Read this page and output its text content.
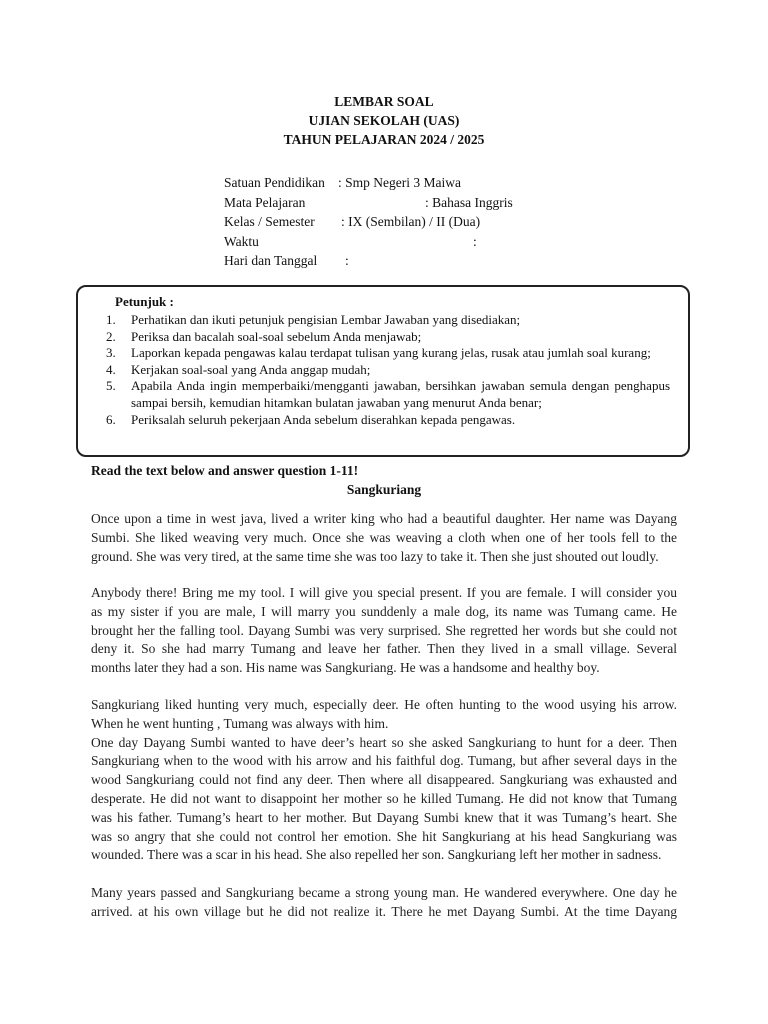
LEMBAR SOAL
UJIAN SEKOLAH (UAS)
TAHUN PELAJARAN 2024 / 2025
Satuan Pendidikan : Smp Negeri 3 Maiwa
Mata Pelajaran	: Bahasa Inggris
Kelas / Semester : IX (Sembilan) / II (Dua)
Waktu	:
Hari dan Tanggal :
Petunjuk :
1. Perhatikan dan ikuti petunjuk pengisian Lembar Jawaban yang disediakan;
2. Periksa dan bacalah soal-soal sebelum Anda menjawab;
3. Laporkan kepada pengawas kalau terdapat tulisan yang kurang jelas, rusak atau jumlah soal kurang;
4. Kerjakan soal-soal yang Anda anggap mudah;
5. Apabila Anda ingin memperbaiki/mengganti jawaban, bersihkan jawaban semula dengan penghapus sampai bersih, kemudian hitamkan bulatan jawaban yang menurut Anda benar;
6. Periksalah seluruh pekerjaan Anda sebelum diserahkan kepada pengawas.
Read the text below and answer question 1-11!
Sangkuriang
Once upon a time in west java, lived a writer king who had a beautiful daughter. Her name was Dayang
Sumbi. She liked weaving very much. Once she was weaving a cloth when one of her tools fell to the
ground. She was very tired, at the same time she was too lazy to take it. Then she just shouted out loudly.
Anybody there! Bring me my tool. I will give you special present. If you are female. I will consider you
as my sister if you are male, I will marry you sunddenly a male dog, its name was Tumang came. He
brought her the falling tool. Dayang Sumbi was very surprised. She regretted her words but she could not
deny it. So she had marry Tumang and leave her father. Then they lived in a small village. Several
months later they had a son. His name was Sangkuriang. He was a handsome and healthy boy.
Sangkuriang liked hunting very much, especially deer. He often hunting to the wood usying his arrow.
When he went hunting , Tumang was always with him.
One day Dayang Sumbi wanted to have deer’s heart so she asked Sangkuriang to hunt for a deer. Then
Sangkuriang when to the wood with his arrow and his faithful dog. Tumang, but afher several days in the
wood Sangkuriang could not find any deer. Then where all disappeared. Sangkuriang was exhausted and
desperate. He did not want to disappoint her mother so he killed Tumang. He did not know that Tumang
was his father. Tumang’s heart to her mother. But Dayang Sumbi knew that it was Tumang’s heart. She
was so angry that she could not control her emotion. She hit Sangkuriang at his head Sangkuriang was
wounded. There was a scar in his head. She also repelled her son. Sangkuriang left her mother in sadness.
Many years passed and Sangkuriang became a strong young man. He wandered everywhere. One day he
arrived. at his own village but he did not realize it. There he met Dayang Sumbi. At the time Dayang
